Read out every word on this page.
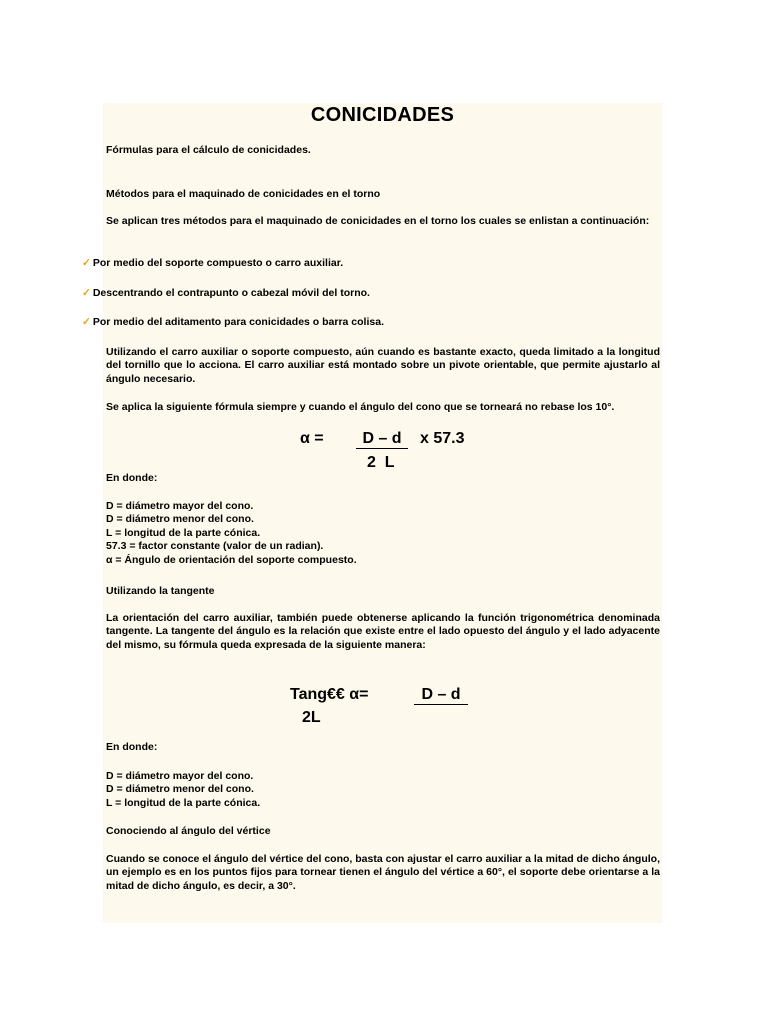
CONICIDADES
Fórmulas para el cálculo de conicidades.
Métodos para el maquinado de conicidades en el torno
Se aplican tres métodos para el maquinado de conicidades en el torno los cuales se enlistan a continuación:
✓ Por medio del soporte compuesto o carro auxiliar.
✓ Descentrando el contrapunto o cabezal móvil del torno.
✓ Por medio del aditamento para conicidades o barra colisa.
Utilizando el carro auxiliar o soporte compuesto, aún cuando es bastante exacto, queda limitado a la longitud del tornillo que lo acciona. El carro auxiliar está montado sobre un pivote orientable, que permite ajustarlo al ángulo necesario.
Se aplica la siguiente fórmula siempre y cuando el ángulo del cono que se torneará no rebase los 10°.
α =	D – d	x 57.3
2  L
En donde:
D = diámetro mayor del cono.
D = diámetro menor del cono.
L = longitud de la parte cónica.
57.3 = factor constante (valor de un radian).
α = Ángulo de orientación del soporte compuesto.
Utilizando la tangente
La orientación del carro auxiliar, también puede obtenerse aplicando la función trigonométrica denominada tangente. La tangente del ángulo es la relación que existe entre el lado opuesto del ángulo y el lado adyacente del mismo, su fórmula queda expresada de la siguiente manera:
Tang€€ α=	D – d
2L
En donde:
D = diámetro mayor del cono.
D = diámetro menor del cono.
L = longitud de la parte cónica.
Conociendo al ángulo del vértice
Cuando se conoce el ángulo del vértice del cono, basta con ajustar el carro auxiliar a la mitad de dicho ángulo, un ejemplo es en los puntos fijos para tornear tienen el ángulo del vértice a 60°, el soporte debe orientarse a la mitad de dicho ángulo, es decir, a 30°.
